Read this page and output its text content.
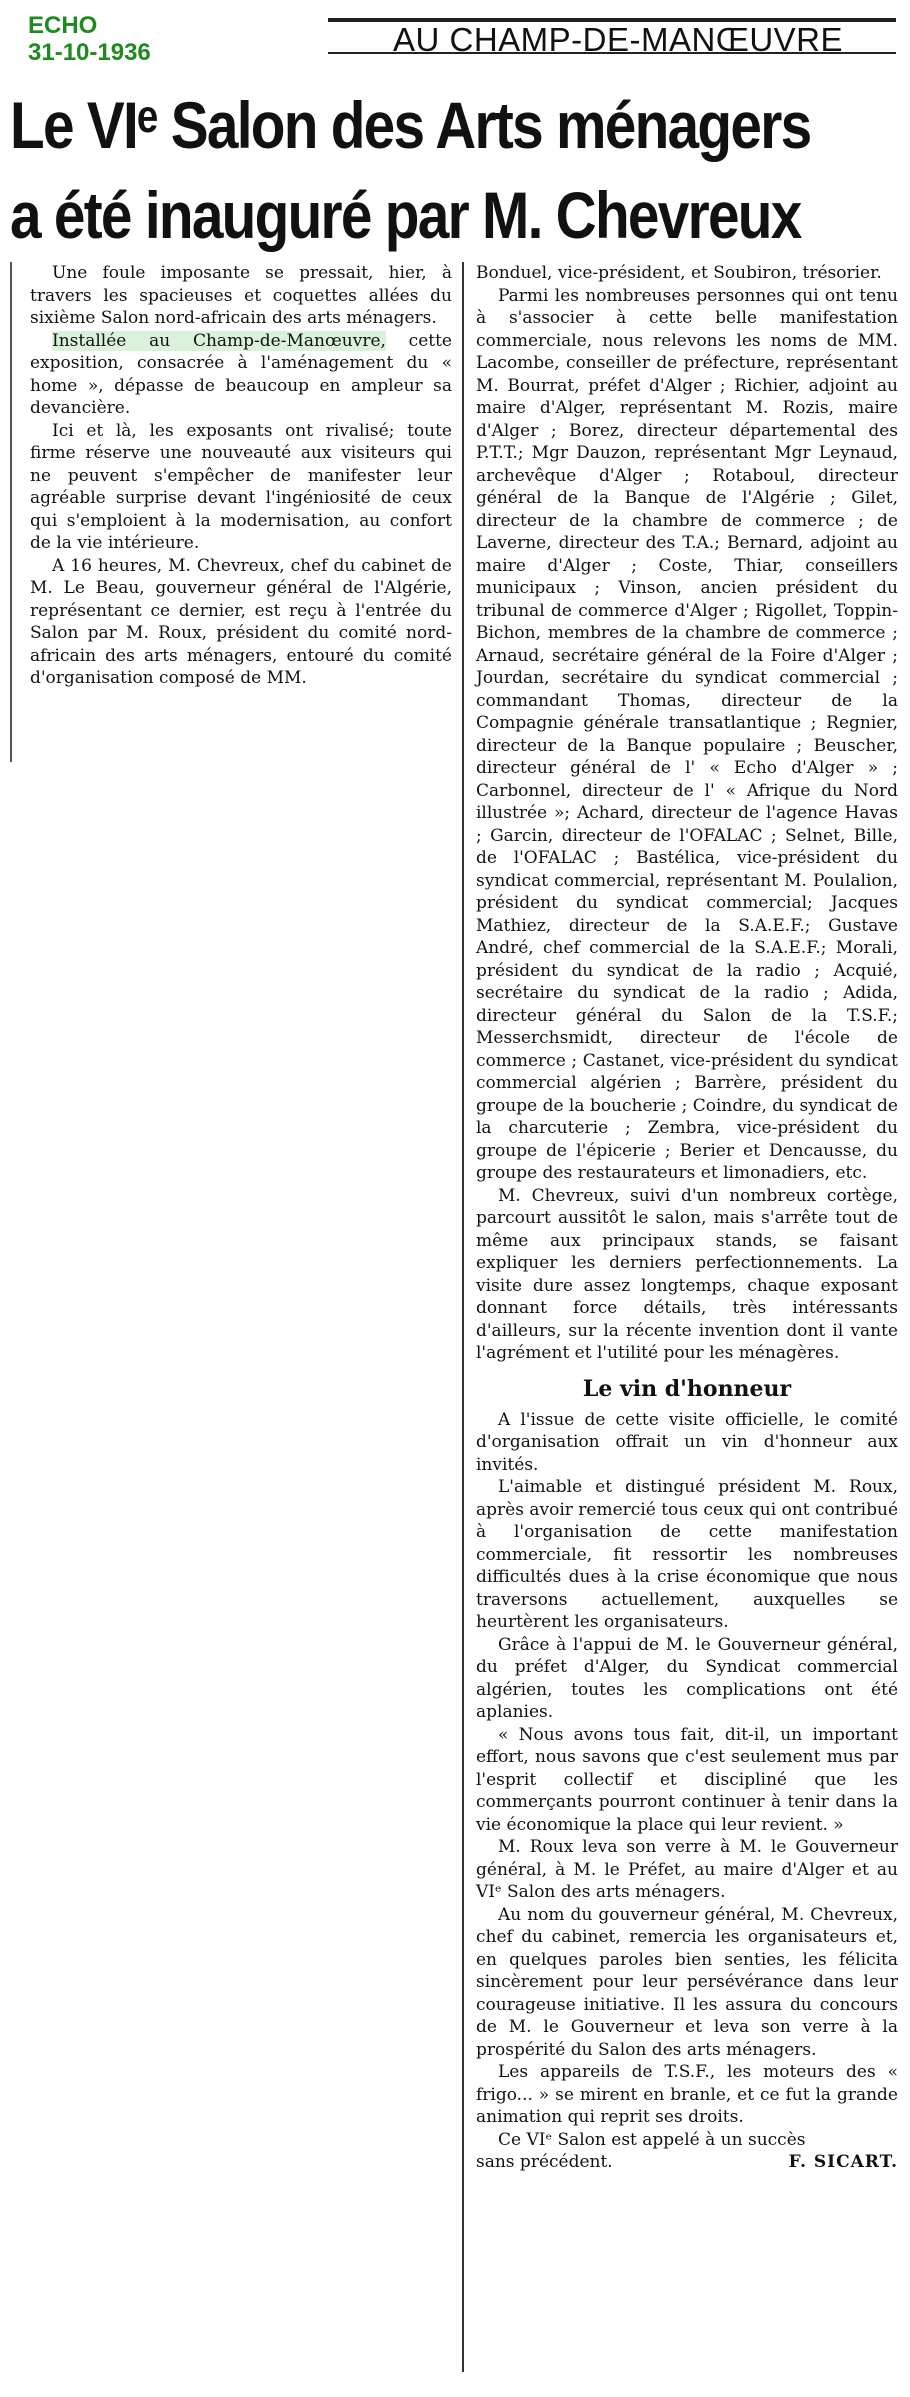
ECHO
31-10-1936	AU CHAMP-DE-MANŒUVRE
Le VIᵉ Salon des Arts ménagers
a été inauguré par M. Chevreux

Une foule imposante se pressait, hier, à travers les spacieuses et coquettes allées du sixième Salon nord-africain des arts ménagers.

Installée au Champ-de-Manœuvre, cette exposition, consacrée à l'aménagement du « home », dépasse de beaucoup en ampleur sa devancière.

Ici et là, les exposants ont rivalisé; toute firme réserve une nouveauté aux visiteurs qui ne peuvent s'empêcher de manifester leur agréable surprise devant l'ingéniosité de ceux qui s'emploient à la modernisation, au confort de la vie intérieure.

A 16 heures, M. Chevreux, chef du cabinet de M. Le Beau, gouverneur général de l'Algérie, représentant ce dernier, est reçu à l'entrée du Salon par M. Roux, président du comité nord-africain des arts ménagers, entouré du comité d'organisation composé de MM.

Bonduel, vice-président, et Soubiron, trésorier.

Parmi les nombreuses personnes qui ont tenu à s'associer à cette belle manifestation commerciale, nous relevons les noms de MM. Lacombe, conseiller de préfecture, représentant M. Bourrat, préfet d'Alger ; Richier, adjoint au maire d'Alger, représentant M. Rozis, maire d'Alger ; Borez, directeur départemental des P.T.T.; Mgr Dauzon, représentant Mgr Leynaud, archevêque d'Alger ; Rotaboul, directeur général de la Banque de l'Algérie ; Gilet, directeur de la chambre de commerce ; de Laverne, directeur des T.A.; Bernard, adjoint au maire d'Alger ; Coste, Thiar, conseillers municipaux ; Vinson, ancien président du tribunal de commerce d'Alger ; Rigollet, Toppin-Bichon, membres de la chambre de commerce ; Arnaud, secrétaire général de la Foire d'Alger ; Jourdan, secrétaire du syndicat commercial ; commandant Thomas, directeur de la Compagnie générale transatlantique ; Regnier, directeur de la Banque populaire ; Beuscher, directeur général de l' « Echo d'Alger » ; Carbonnel, directeur de l' « Afrique du Nord illustrée »; Achard, directeur de l'agence Havas ; Garcin, directeur de l'OFALAC ; Selnet, Bille, de l'OFALAC ; Bastélica, vice-président du syndicat commercial, représentant M. Poulalion, président du syndicat commercial; Jacques Mathiez, directeur de la S.A.E.F.; Gustave André, chef commercial de la S.A.E.F.; Morali, président du syndicat de la radio ; Acquié, secrétaire du syndicat de la radio ; Adida, directeur général du Salon de la T.S.F.; Messerchsmidt, directeur de l'école de commerce ; Castanet, vice-président du syndicat commercial algérien ; Barrère, président du groupe de la boucherie ; Coindre, du syndicat de la charcuterie ; Zembra, vice-président du groupe de l'épicerie ; Berier et Dencausse, du groupe des restaurateurs et limonadiers, etc.

M. Chevreux, suivi d'un nombreux cortège, parcourt aussitôt le salon, mais s'arrête tout de même aux principaux stands, se faisant expliquer les derniers perfectionnements. La visite dure assez longtemps, chaque exposant donnant force détails, très intéressants d'ailleurs, sur la récente invention dont il vante l'agrément et l'utilité pour les ménagères.

Le vin d'honneur

A l'issue de cette visite officielle, le comité d'organisation offrait un vin d'honneur aux invités.

L'aimable et distingué président M. Roux, après avoir remercié tous ceux qui ont contribué à l'organisation de cette manifestation commerciale, fit ressortir les nombreuses difficultés dues à la crise économique que nous traversons actuellement, auxquelles se heurtèrent les organisateurs.

Grâce à l'appui de M. le Gouverneur général, du préfet d'Alger, du Syndicat commercial algérien, toutes les complications ont été aplanies.

« Nous avons tous fait, dit-il, un important effort, nous savons que c'est seulement mus par l'esprit collectif et discipliné que les commerçants pourront continuer à tenir dans la vie économique la place qui leur revient. »

M. Roux leva son verre à M. le Gouverneur général, à M. le Préfet, au maire d'Alger et au VIᵉ Salon des arts ménagers.

Au nom du gouverneur général, M. Chevreux, chef du cabinet, remercia les organisateurs et, en quelques paroles bien senties, les félicita sincèrement pour leur persévérance dans leur courageuse initiative. Il les assura du concours de M. le Gouverneur et leva son verre à la prospérité du Salon des arts ménagers.

Les appareils de T.S.F., les moteurs des « frigo... » se mirent en branle, et ce fut la grande animation qui reprit ses droits.

Ce VIᵉ Salon est appelé à un succès

sans précédent.	F. SICART.
